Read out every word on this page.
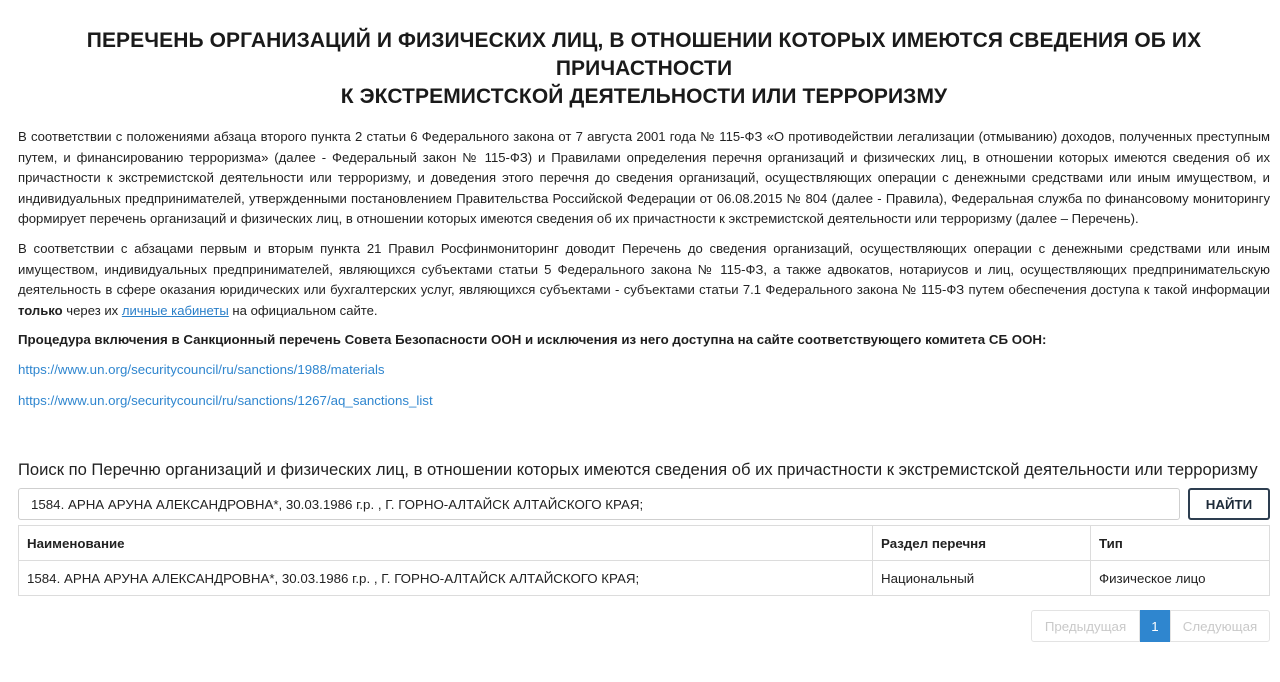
ПЕРЕЧЕНЬ ОРГАНИЗАЦИЙ И ФИЗИЧЕСКИХ ЛИЦ, В ОТНОШЕНИИ КОТОРЫХ ИМЕЮТСЯ СВЕДЕНИЯ ОБ ИХ ПРИЧАСТНОСТИ
К ЭКСТРЕМИСТСКОЙ ДЕЯТЕЛЬНОСТИ ИЛИ ТЕРРОРИЗМУ

В соответствии с положениями абзаца второго пункта 2 статьи 6 Федерального закона от 7 августа 2001 года № 115-ФЗ «О противодействии легализации (отмыванию) доходов, полученных преступным путем, и финансированию терроризма» (далее - Федеральный закон № 115-ФЗ) и Правилами определения перечня организаций и физических лиц, в отношении которых имеются сведения об их причастности к экстремистской деятельности или терроризму, и доведения этого перечня до сведения организаций, осуществляющих операции с денежными средствами или иным имуществом, и индивидуальных предпринимателей, утвержденными постановлением Правительства Российской Федерации от 06.08.2015 № 804 (далее - Правила), Федеральная служба по финансовому мониторингу формирует перечень организаций и физических лиц, в отношении которых имеются сведения об их причастности к экстремистской деятельности или терроризму (далее – Перечень).

В соответствии с абзацами первым и вторым пункта 21 Правил Росфинмониторинг доводит Перечень до сведения организаций, осуществляющих операции с денежными средствами или иным имуществом, индивидуальных предпринимателей, являющихся субъектами статьи 5 Федерального закона № 115-ФЗ, а также адвокатов, нотариусов и лиц, осуществляющих предпринимательскую деятельность в сфере оказания юридических или бухгалтерских услуг, являющихся субъектами - субъектами статьи 7.1 Федерального закона № 115-ФЗ путем обеспечения доступа к такой информации только через их личные кабинеты на официальном сайте.

Процедура включения в Санкционный перечень Совета Безопасности ООН и исключения из него доступна на сайте соответствующего комитета СБ ООН:
https://www.un.org/securitycouncil/ru/sanctions/1988/materials
https://www.un.org/securitycouncil/ru/sanctions/1267/aq_sanctions_list
Поиск по Перечню организаций и физических лиц, в отношении которых имеются сведения об их причастности к экстремистской деятельности или терроризму
1584. АРНА АРУНА АЛЕКСАНДРОВНА*, 30.03.1986 г.р. , Г. ГОРНО-АЛТАЙСК АЛТАЙСКОГО КРАЯ;
НАЙТИ
Наименование	Раздел перечня	Тип
1584. АРНА АРУНА АЛЕКСАНДРОВНА*, 30.03.1986 г.р. , Г. ГОРНО-АЛТАЙСК АЛТАЙСКОГО КРАЯ;	Национальный	Физическое лицо
Предыдущая	1	Следующая
